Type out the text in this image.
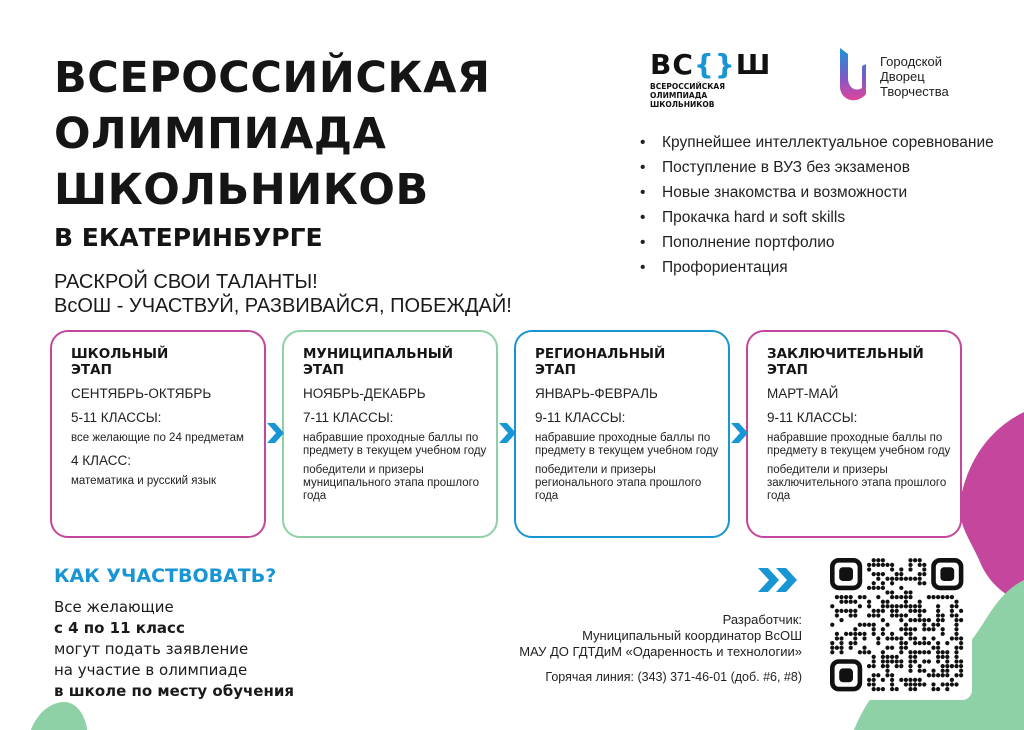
ВСЕРОССИЙСКАЯ
ОЛИМПИАДА
ШКОЛЬНИКОВ
В ЕКАТЕРИНБУРГЕ
РАСКРОЙ СВОИ ТАЛАНТЫ!
ВсОШ - УЧАСТВУЙ, РАЗВИВАЙСЯ, ПОБЕЖДАЙ!
ВС{}Ш
ВСЕРОССИЙСКАЯ
ОЛИМПИАДА
ШКОЛЬНИКОВ
Городской
Дворец
Творчества
• Крупнейшее интеллектуальное соревнование
• Поступление в ВУЗ без экзаменов
• Новые знакомства и возможности
• Прокачка hard и soft skills
• Пополнение портфолио
• Профориентация
ШКОЛЬНЫЙ
ЭТАП
СЕНТЯБРЬ-ОКТЯБРЬ
5-11 КЛАССЫ:
все желающие по 24 предметам
4 КЛАСС:
математика и русский язык
МУНИЦИПАЛЬНЫЙ
ЭТАП
НОЯБРЬ-ДЕКАБРЬ
7-11 КЛАССЫ:
набравшие проходные баллы по предмету в текущем учебном году
победители и призеры муниципального этапа прошлого года
РЕГИОНАЛЬНЫЙ
ЭТАП
ЯНВАРЬ-ФЕВРАЛЬ
9-11 КЛАССЫ:
набравшие проходные баллы по предмету в текущем учебном году
победители и призеры регионального этапа прошлого года
ЗАКЛЮЧИТЕЛЬНЫЙ
ЭТАП
МАРТ-МАЙ
9-11 КЛАССЫ:
набравшие проходные баллы по предмету в текущем учебном году
победители и призеры заключительного этапа прошлого года
КАК УЧАСТВОВАТЬ?
Все желающие
с 4 по 11 класс
могут подать заявление
на участие в олимпиаде
в школе по месту обучения
Разработчик:
Муниципальный координатор ВсОШ
МАУ ДО ГДТДиМ «Одаренность и технологии»
Горячая линия: (343) 371-46-01 (доб. #6, #8)
